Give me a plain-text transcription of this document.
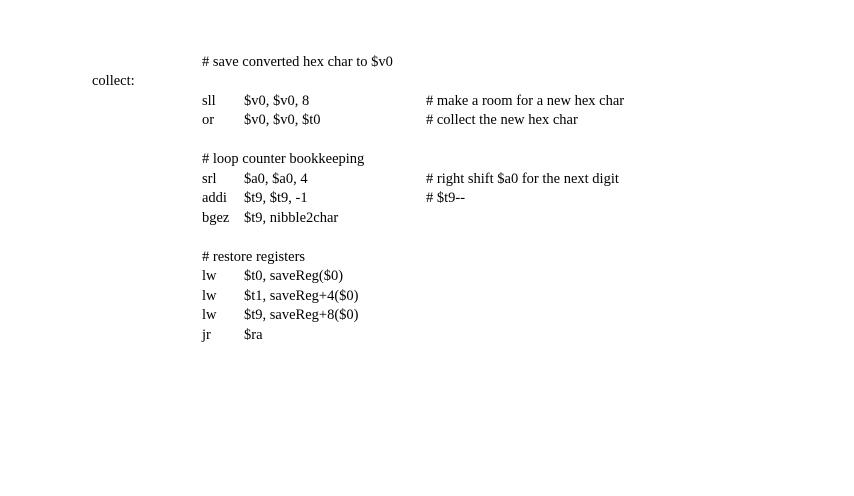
# save converted hex char to $v0
collect:
sll $v0, $v0, 8	# make a room for a new hex char
or $v0, $v0, $t0	# collect the new hex char
# loop counter bookkeeping
srl $a0, $a0, 4	# right shift $a0 for the next digit
addi $t9, $t9, -1	# $t9--
bgez $t9, nibble2char
# restore registers
lw $t0, saveReg($0)
lw $t1, saveReg+4($0)
lw $t9, saveReg+8($0)
jr $ra
